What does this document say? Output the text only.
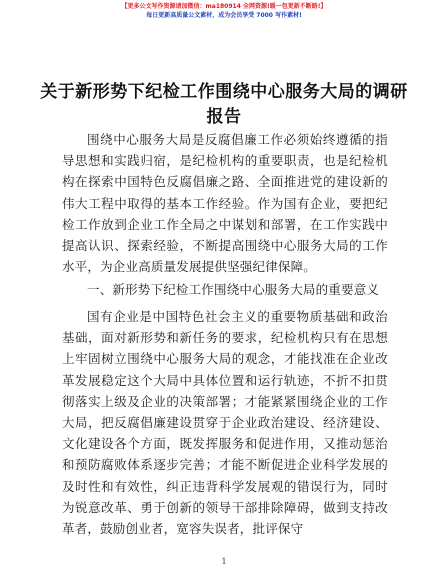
【更多公文写作资源请加微信：ma180914 全网资源!暖一包更新不断路!】
每日更新高质量公文素材，成为会员享受 7000 写作素材!
关于新形势下纪检工作围绕中心服务大局的调研报告

围绕中心服务大局是反腐倡廉工作必须始终遵循的指导思想和实践归宿，是纪检机构的重要职责，也是纪检机构在探索中国特色反腐倡廉之路、全面推进党的建设新的伟大工程中取得的基本工作经验。作为国有企业，要把纪检工作放到企业工作全局之中谋划和部署，在工作实践中提高认识、探索经验，不断提高围绕中心服务大局的工作水平，为企业高质量发展提供坚强纪律保障。

一、新形势下纪检工作围绕中心服务大局的重要意义

国有企业是中国特色社会主义的重要物质基础和政治基础，面对新形势和新任务的要求，纪检机构只有在思想上牢固树立围绕中心服务大局的观念，才能找准在企业改革发展稳定这个大局中具体位置和运行轨迹，不折不扣贯彻落实上级及企业的决策部署；才能紧紧围绕企业的工作大局，把反腐倡廉建设贯穿于企业政治建设、经济建设、文化建设各个方面，既发挥服务和促进作用，又推动惩治和预防腐败体系逐步完善；才能不断促进企业科学发展的及时性和有效性，纠正违背科学发展观的错误行为，同时为锐意改革、勇于创新的领导干部排除障碍，做到支持改革者，鼓励创业者，宽容失误者，批评保守

1
